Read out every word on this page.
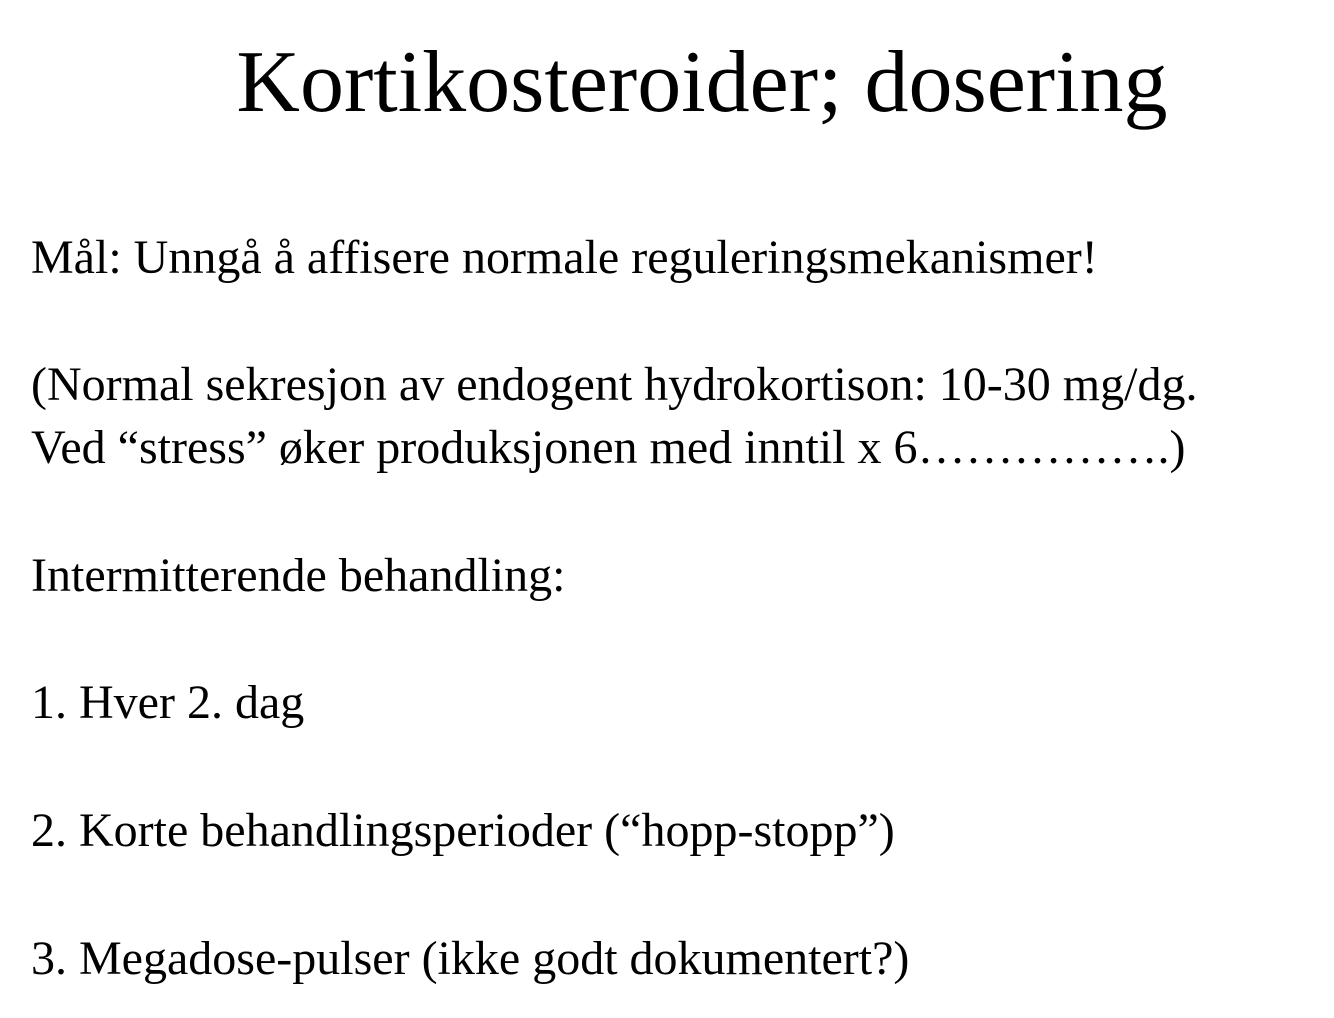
Kortikosteroider; dosering
Mål: Unngå å affisere normale reguleringsmekanismer!
(Normal sekresjon av endogent hydrokortison: 10-30 mg/dg.
Ved “stress” øker produksjonen med inntil x 6…………….)
Intermitterende behandling:
1. Hver 2. dag
2. Korte behandlingsperioder (“hopp-stopp”)
3. Megadose-pulser (ikke godt dokumentert?)
